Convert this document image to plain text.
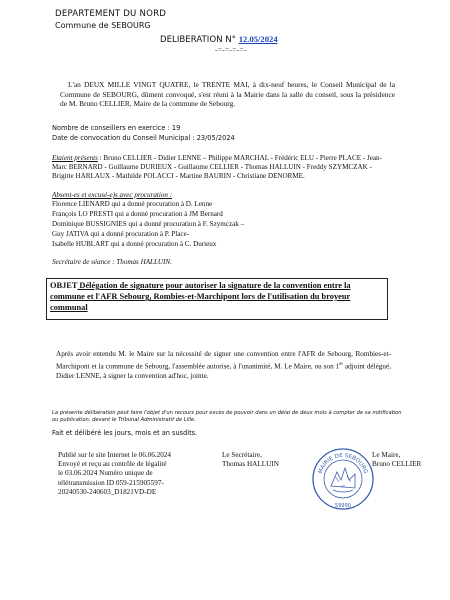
DEPARTEMENT DU NORD
Commune de SEBOURG
DELIBERATION N° 12.05/2024
-=-=-=-=-
L'an DEUX MILLE VINGT QUATRE, le TRENTE MAI, à dix-neuf heures, le Conseil Municipal de la Commune de SEBOURG, dûment convoqué, s'est réuni à la Mairie dans la salle du conseil, sous la présidence de M. Bruno CELLIER, Maire de la commune de Sebourg.
Nombre de conseillers en exercice : 19
Date de convocation du Conseil Municipal : 23/05/2024
Etaient présents : Bruno CELLIER - Didier LENNE – Philippe MARCHAL - Frédéric ELU - Pierre PLACE - Jean-Marc BERNARD - Guillaume DURIEUX - Guillaume CELLIER - Thomas HALLUIN - Freddy SZYMCZAK - Brigitte HARLAUX - Mathilde POLACCI - Martine BAURIN - Christiane DENORME.
Absent-es et excusé-e)s avec procuration :
Florence LIENARD qui a donné procuration à D. Lenne
François LO PRESTI qui a donné procuration à JM Bernard
Dominique BUSSIGNIES qui a donné procuration à F. Szymczak –
Guy JATIVA qui a donné procuration à P. Place-
Isabelle HUBLART qui a donné procuration à C. Durieux
Secrétaire de séance : Thomas HALLUIN.
OBJET Délégation de signature pour autoriser la signature de la convention entre la commune et l'AFR Sebourg, Rombies-et-Marchipont lors de l'utilisation du broyeur communal
Après avoir entendu M. le Maire sur la nécessité de signer une convention entre l'AFR de Sebourg, Rombies-et-Marchipont et la commune de Sebourg, l'assemblée autorise, à l'unanimité, M. Le Maire, ou son 1er adjoint délégué, Didier LENNE, à signer la convention ad'hoc, jointe.
La présente délibération peut faire l'objet d'un recours pour excès de pouvoir dans un délai de deux mois à compter de sa notification ou publication, devant le Tribunal Administratif de Lille.
Fait et délibéré les jours, mois et an susdits.
Publié sur le site Internet le 06.06.2024
Envoyé et reçu au contrôle de légalité
le 03.06.2024 Numéro unique de
télétransmission ID 059-215905597-
20240530-240603_D1821VD-DE
Le Secrétaire,
Thomas HALLUIN
MAIRIE DE SEBOURG
59990
Le Maire,
Bruno CELLIER
